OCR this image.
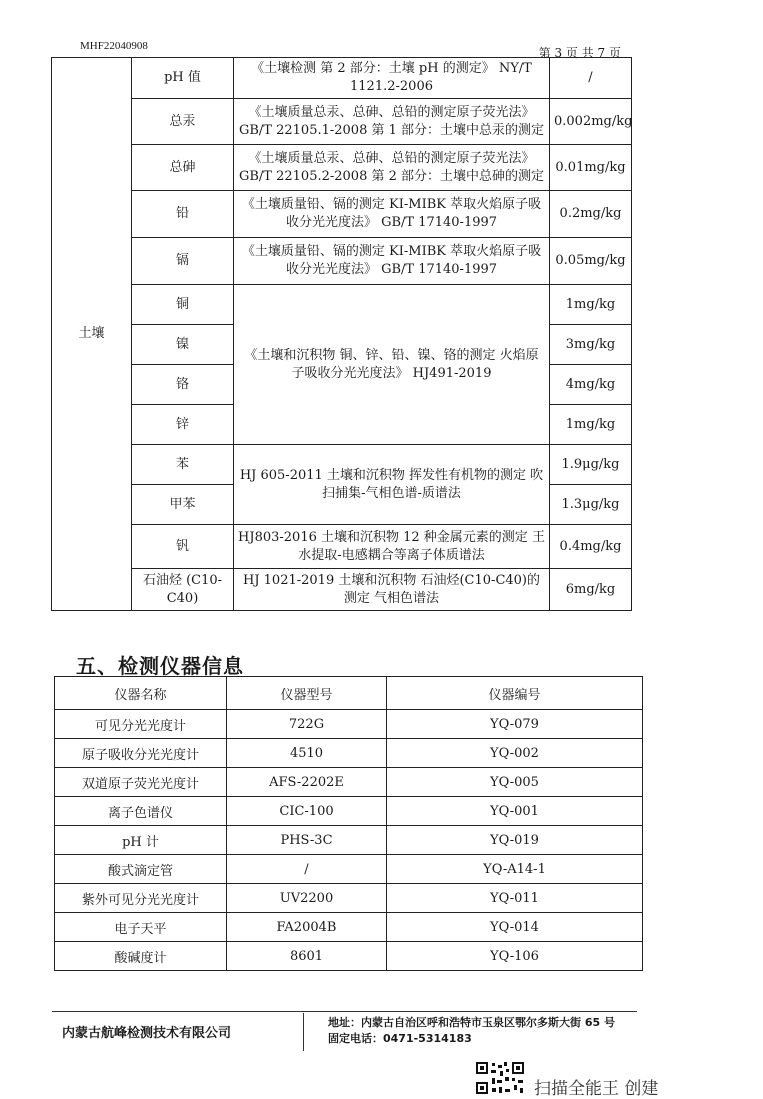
MHF22040908	第 3 页 共 7 页
土壤	pH 值	《土壤检测 第 2 部分：土壤 pH 的测定》 NY/T 1121.2-2006	/
	总汞	《土壤质量总汞、总砷、总铅的测定原子荧光法》 GB/T 22105.1-2008 第 1 部分：土壤中总汞的测定	0.002mg/kg
	总砷	《土壤质量总汞、总砷、总铅的测定原子荧光法》 GB/T 22105.2-2008 第 2 部分：土壤中总砷的测定	0.01mg/kg
	铅	《土壤质量铅、镉的测定 KI-MIBK 萃取火焰原子吸收分光光度法》 GB/T 17140-1997	0.2mg/kg
	镉	《土壤质量铅、镉的测定 KI-MIBK 萃取火焰原子吸收分光光度法》 GB/T 17140-1997	0.05mg/kg
	铜	《土壤和沉积物 铜、锌、铅、镍、铬的测定 火焰原子吸收分光光度法》 HJ491-2019	1mg/kg
	镍		3mg/kg
	铬		4mg/kg
	锌		1mg/kg
	苯	HJ 605-2011 土壤和沉积物 挥发性有机物的测定 吹扫捕集-气相色谱-质谱法	1.9μg/kg
	甲苯		1.3μg/kg
	钒	HJ803-2016 土壤和沉积物 12 种金属元素的测定 王水提取-电感耦合等离子体质谱法	0.4mg/kg
	石油烃 (C10-C40)	HJ 1021-2019 土壤和沉积物 石油烃(C10-C40)的测定 气相色谱法	6mg/kg
五、检测仪器信息
仪器名称	仪器型号	仪器编号
可见分光光度计	722G	YQ-079
原子吸收分光光度计	4510	YQ-002
双道原子荧光光度计	AFS-2202E	YQ-005
离子色谱仪	CIC-100	YQ-001
pH 计	PHS-3C	YQ-019
酸式滴定管	/	YQ-A14-1
紫外可见分光光度计	UV2200	YQ-011
电子天平	FA2004B	YQ-014
酸碱度计	8601	YQ-106
内蒙古航峰检测技术有限公司
地址：内蒙古自治区呼和浩特市玉泉区鄂尔多斯大街 65 号
固定电话：0471-5314183
扫描全能王 创建
